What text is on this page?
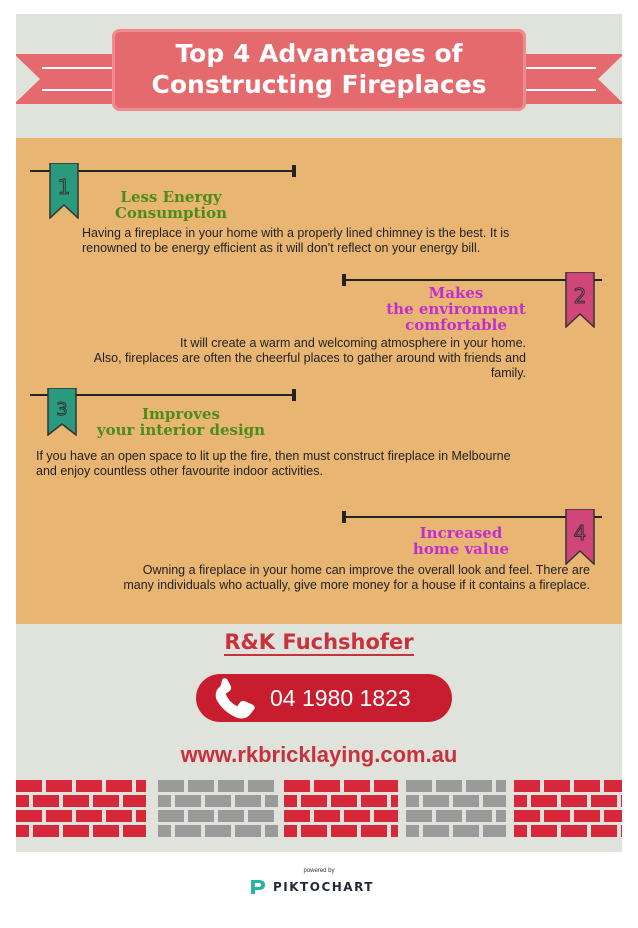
Top 4 Advantages of
Constructing Fireplaces
1	Less Energy
Consumption
Having a fireplace in your home with a properly lined chimney is the best. It is
renowned to be energy efficient as it will don't reflect on your energy bill.
2
Makes
the environment
comfortable
It will create a warm and welcoming atmosphere in your home.
Also, fireplaces are often the cheerful places to gather around with friends and
family.
3	Improves
your interior design
If you have an open space to lit up the fire, then must construct fireplace in Melbourne
and enjoy countless other favourite indoor activities.
4
Increased
home value
Owning a fireplace in your home can improve the overall look and feel. There are
many individuals who actually, give more money for a house if it contains a fireplace.
R&K Fuchshofer
04 1980 1823
www.rkbricklaying.com.au
powered by
PIKTOCHART
